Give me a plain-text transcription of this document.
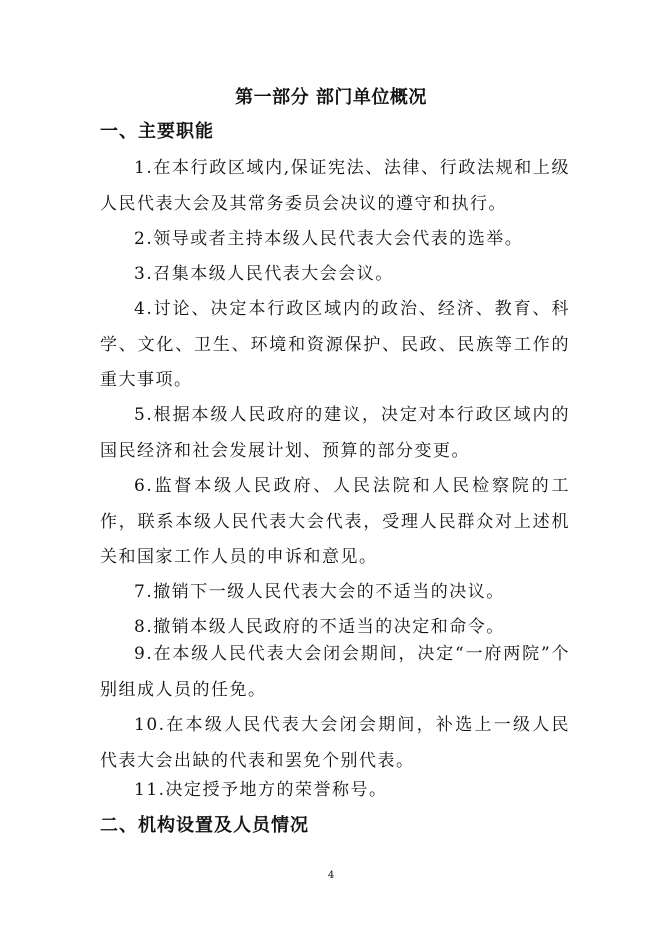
第一部分 部门单位概况
一、主要职能
1.在本行政区域内,保证宪法、法律、行政法规和上级人民代表大会及其常务委员会决议的遵守和执行。
2.领导或者主持本级人民代表大会代表的选举。
3.召集本级人民代表大会会议。
4.讨论、决定本行政区域内的政治、经济、教育、科学、文化、卫生、环境和资源保护、民政、民族等工作的重大事项。
5.根据本级人民政府的建议，决定对本行政区域内的国民经济和社会发展计划、预算的部分变更。
6.监督本级人民政府、人民法院和人民检察院的工作，联系本级人民代表大会代表，受理人民群众对上述机关和国家工作人员的申诉和意见。
7.撤销下一级人民代表大会的不适当的决议。
8.撤销本级人民政府的不适当的决定和命令。
9.在本级人民代表大会闭会期间，决定“一府两院”个别组成人员的任免。
10.在本级人民代表大会闭会期间，补选上一级人民代表大会出缺的代表和罢免个别代表。
11.决定授予地方的荣誉称号。
二、机构设置及人员情况
4
